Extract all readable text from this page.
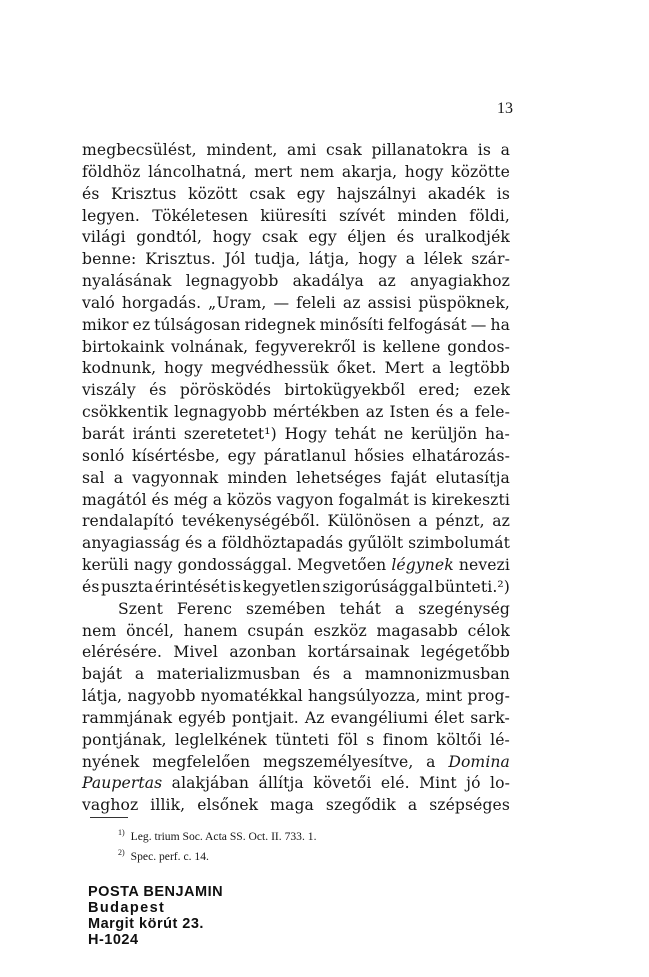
13
megbecsülést, mindent, ami csak pillanatokra is a
földhöz láncolhatná, mert nem akarja, hogy közötte
és Krisztus között csak egy hajszálnyi akadék is
legyen. Tökéletesen kiüresíti szívét minden földi,
világi gondtól, hogy csak egy éljen és uralkodjék
benne: Krisztus. Jól tudja, látja, hogy a lélek szár-
nyalásának legnagyobb akadálya az anyagiakhoz
való horgadás. „Uram, — feleli az assisi püspöknek,
mikor ez túlságosan ridegnek minősíti felfogását — ha
birtokaink volnának, fegyverekről is kellene gondos-
kodnunk, hogy megvédhessük őket. Mert a legtöbb
viszály és pörösködés birtokügyekből ered; ezek
csökkentik legnagyobb mértékben az Isten és a fele-
barát iránti szeretetet¹) Hogy tehát ne kerüljön ha-
sonló kísértésbe, egy páratlanul hősies elhatározás-
sal a vagyonnak minden lehetséges faját elutasítja
magától és még a közös vagyon fogalmát is kirekeszti
rendalapító tevékenységéből. Különösen a pénzt, az
anyagiasság és a földhöztapadás gyűlölt szimbolumát
kerüli nagy gondossággal. Megvetően légynek nevezi
és puszta érintését is kegyetlen szigorúsággal bünteti.²)
Szent Ferenc szemében tehát a szegénység
nem öncél, hanem csupán eszköz magasabb célok
elérésére. Mivel azonban kortársainak legégetőbb
baját a materializmusban és a mamnonizmusban
látja, nagyobb nyomatékkal hangsúlyozza, mint prog-
rammjának egyéb pontjait. Az evangéliumi élet sark-
pontjának, leglelkének tünteti föl s finom költői lé-
nyének megfelelően megszemélyesítve, a Domina
Paupertas alakjában állítja követői elé. Mint jó lo-
vaghoz illik, elsőnek maga szegődik a szépséges
$^{1)}$ Leg. trium Soc. Acta SS. Oct. II. 733. 1.
$^{2)}$ Spec. perf. c. 14.
POSTA BENJAMIN
Budapest
Margit körút 23.
H-1024
